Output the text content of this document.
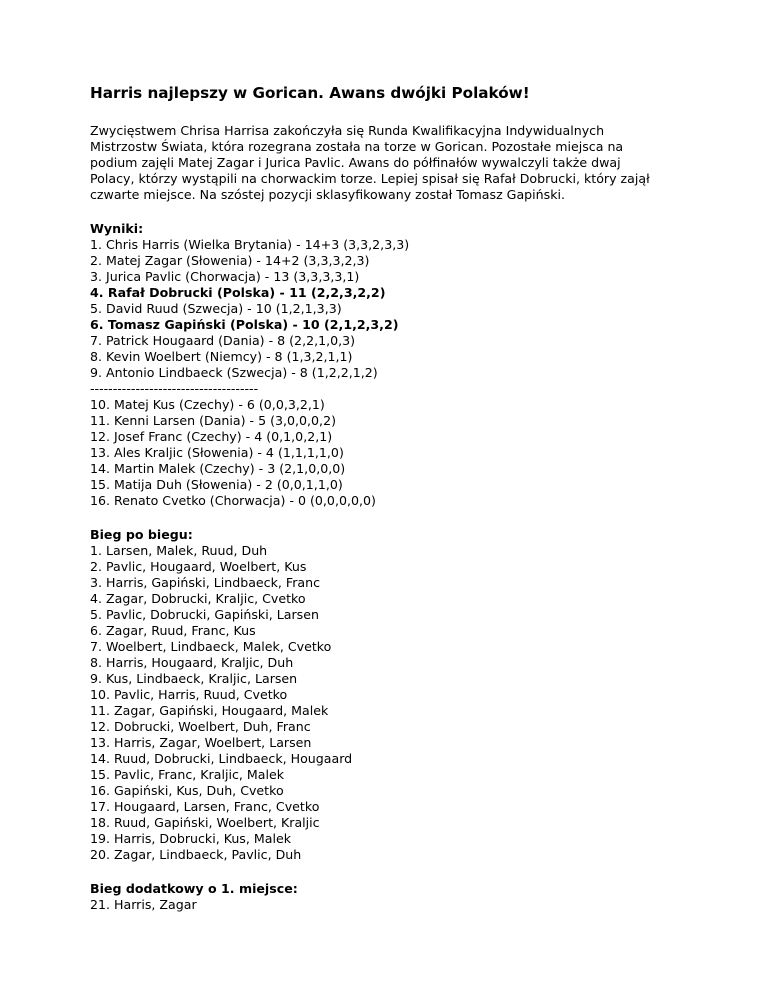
Harris najlepszy w Gorican. Awans dwójki Polaków!
Zwycięstwem Chrisa Harrisa zakończyła się Runda Kwalifikacyjna Indywidualnych
Mistrzostw Świata, która rozegrana została na torze w Gorican. Pozostałe miejsca na
podium zajęli Matej Zagar i Jurica Pavlic. Awans do półfinałów wywalczyli także dwaj
Polacy, którzy wystąpili na chorwackim torze. Lepiej spisał się Rafał Dobrucki, który zajął
czwarte miejsce. Na szóstej pozycji sklasyfikowany został Tomasz Gapiński.
Wyniki:
1. Chris Harris (Wielka Brytania) - 14+3 (3,3,2,3,3)
2. Matej Zagar (Słowenia) - 14+2 (3,3,3,2,3)
3. Jurica Pavlic (Chorwacja) - 13 (3,3,3,3,1)
4. Rafał Dobrucki (Polska) - 11 (2,2,3,2,2)
5. David Ruud (Szwecja) - 10 (1,2,1,3,3)
6. Tomasz Gapiński (Polska) - 10 (2,1,2,3,2)
7. Patrick Hougaard (Dania) - 8 (2,2,1,0,3)
8. Kevin Woelbert (Niemcy) - 8 (1,3,2,1,1)
9. Antonio Lindbaeck (Szwecja) - 8 (1,2,2,1,2)
-------------------------------------
10. Matej Kus (Czechy) - 6 (0,0,3,2,1)
11. Kenni Larsen (Dania) - 5 (3,0,0,0,2)
12. Josef Franc (Czechy) - 4 (0,1,0,2,1)
13. Ales Kraljic (Słowenia) - 4 (1,1,1,1,0)
14. Martin Malek (Czechy) - 3 (2,1,0,0,0)
15. Matija Duh (Słowenia) - 2 (0,0,1,1,0)
16. Renato Cvetko (Chorwacja) - 0 (0,0,0,0,0)
Bieg po biegu:
1. Larsen, Malek, Ruud, Duh
2. Pavlic, Hougaard, Woelbert, Kus
3. Harris, Gapiński, Lindbaeck, Franc
4. Zagar, Dobrucki, Kraljic, Cvetko
5. Pavlic, Dobrucki, Gapiński, Larsen
6. Zagar, Ruud, Franc, Kus
7. Woelbert, Lindbaeck, Malek, Cvetko
8. Harris, Hougaard, Kraljic, Duh
9. Kus, Lindbaeck, Kraljic, Larsen
10. Pavlic, Harris, Ruud, Cvetko
11. Zagar, Gapiński, Hougaard, Malek
12. Dobrucki, Woelbert, Duh, Franc
13. Harris, Zagar, Woelbert, Larsen
14. Ruud, Dobrucki, Lindbaeck, Hougaard
15. Pavlic, Franc, Kraljic, Malek
16. Gapiński, Kus, Duh, Cvetko
17. Hougaard, Larsen, Franc, Cvetko
18. Ruud, Gapiński, Woelbert, Kraljic
19. Harris, Dobrucki, Kus, Malek
20. Zagar, Lindbaeck, Pavlic, Duh
Bieg dodatkowy o 1. miejsce:
21. Harris, Zagar
